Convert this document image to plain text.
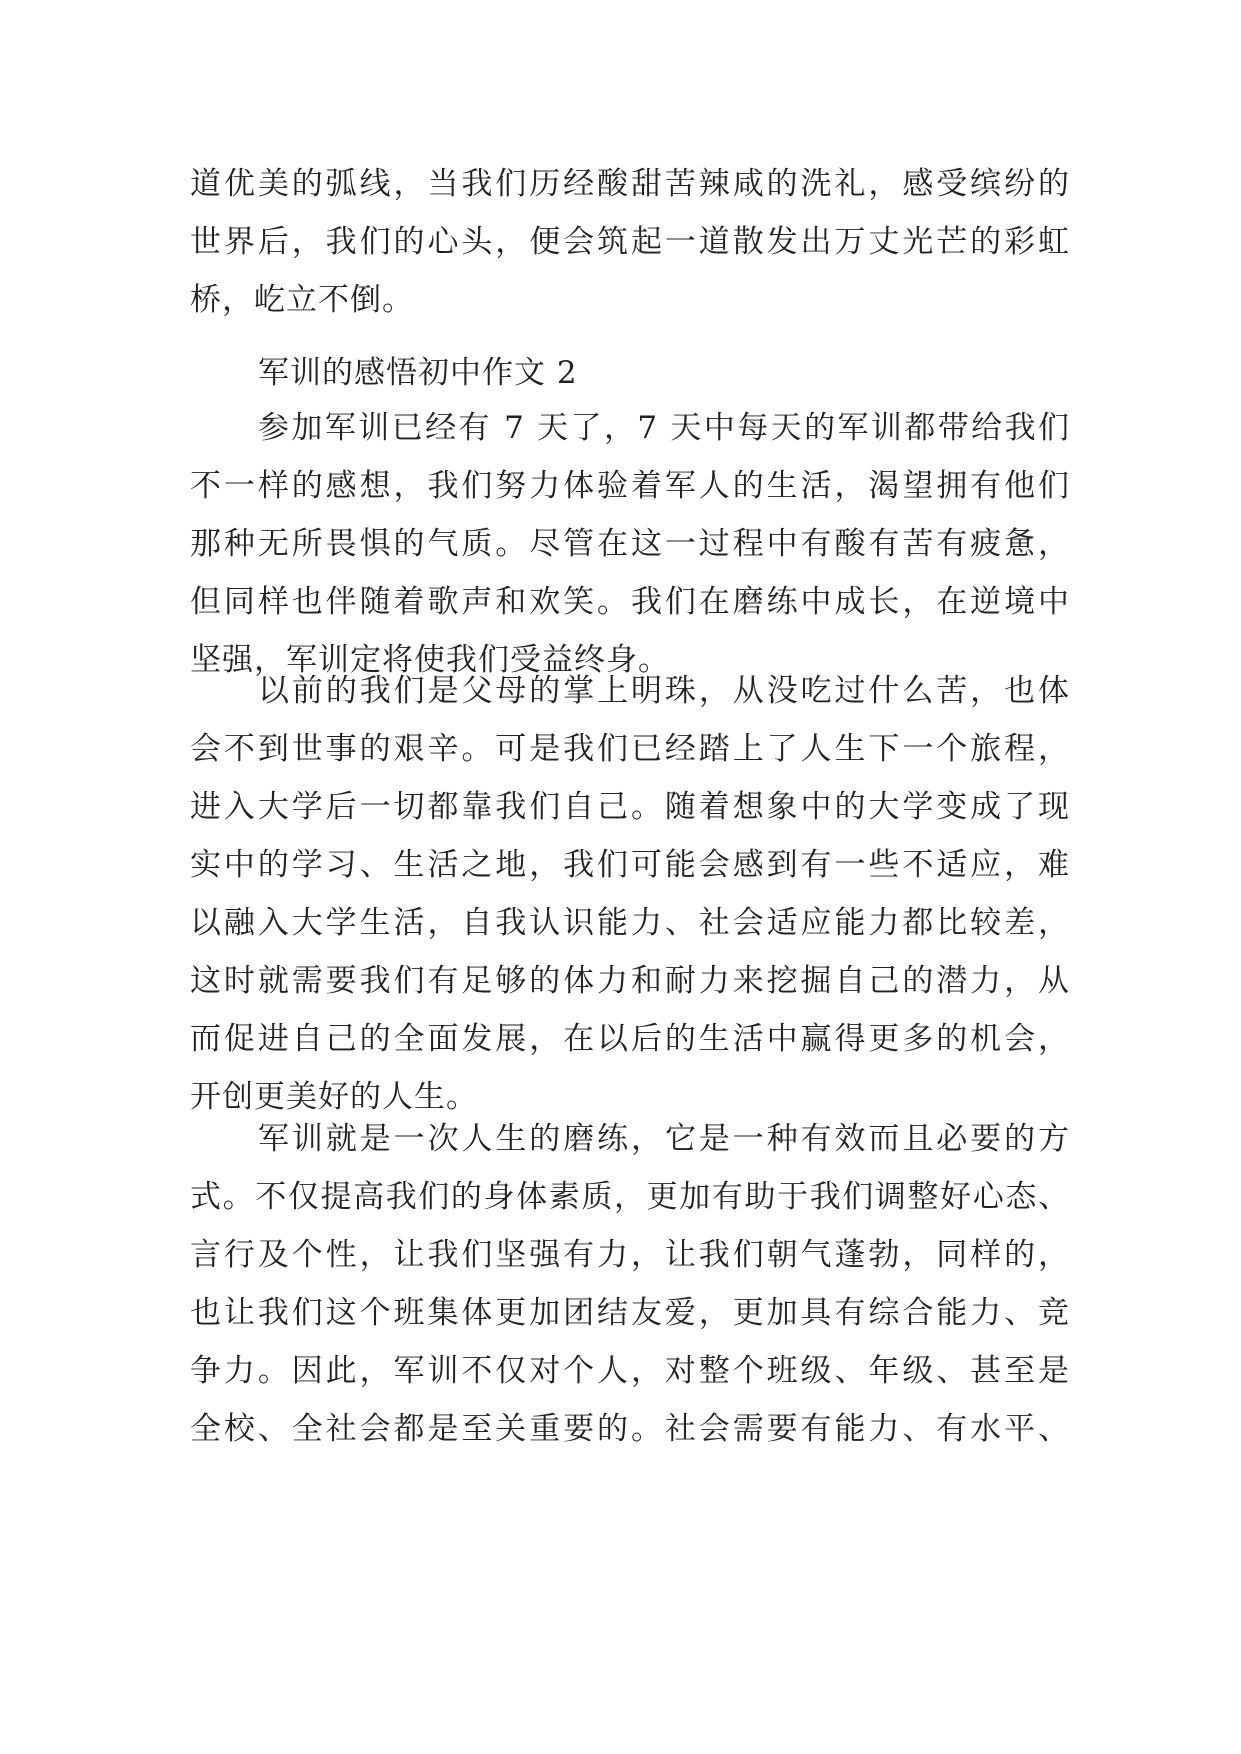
道优美的弧线，当我们历经酸甜苦辣咸的洗礼，感受缤纷的
世界后，我们的心头，便会筑起一道散发出万丈光芒的彩虹
桥，屹立不倒。
军训的感悟初中作文 2
参加军训已经有 7 天了，7 天中每天的军训都带给我们
不一样的感想，我们努力体验着军人的生活，渴望拥有他们
那种无所畏惧的气质。尽管在这一过程中有酸有苦有疲惫，
但同样也伴随着歌声和欢笑。我们在磨练中成长，在逆境中
坚强，军训定将使我们受益终身。
以前的我们是父母的掌上明珠，从没吃过什么苦，也体
会不到世事的艰辛。可是我们已经踏上了人生下一个旅程，
进入大学后一切都靠我们自己。随着想象中的大学变成了现
实中的学习、生活之地，我们可能会感到有一些不适应，难
以融入大学生活，自我认识能力、社会适应能力都比较差，
这时就需要我们有足够的体力和耐力来挖掘自己的潜力，从
而促进自己的全面发展，在以后的生活中赢得更多的机会，
开创更美好的人生。
军训就是一次人生的磨练，它是一种有效而且必要的方
式。不仅提高我们的身体素质，更加有助于我们调整好心态、
言行及个性，让我们坚强有力，让我们朝气蓬勃，同样的，
也让我们这个班集体更加团结友爱，更加具有综合能力、竞
争力。因此，军训不仅对个人，对整个班级、年级、甚至是
全校、全社会都是至关重要的。社会需要有能力、有水平、
